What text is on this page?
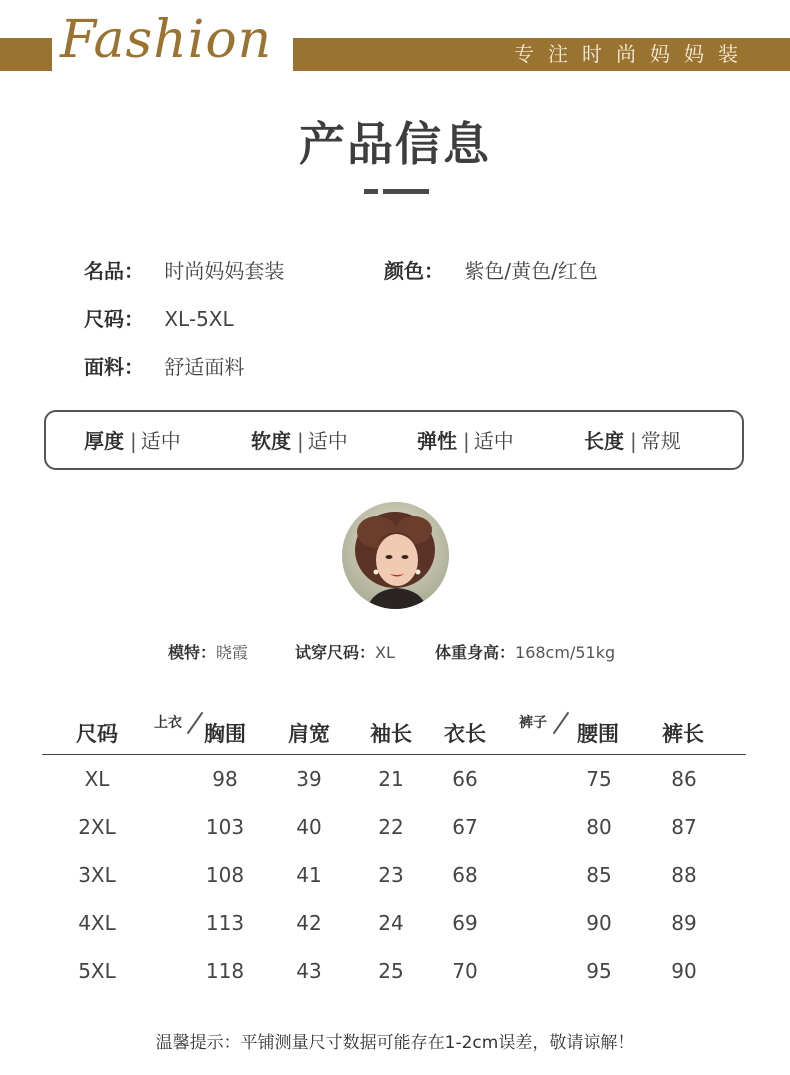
Fashion	专注时尚妈妈装
产品信息
名品： 时尚妈妈套装	颜色： 紫色/黄色/红色
尺码： XL-5XL
面料： 舒适面料
厚度 | 适中	软度 | 适中	弹性 | 适中	长度 | 常规
模特：晓霞	试穿尺码：XL	体重身高：168cm/51kg
尺码	上衣 胸围 肩宽 袖长 衣长 裤子 腰围 裤长
XL	98	39	21	66	75	86
2XL	103	40	22	67	80	87
3XL	108	41	23	68	85	88
4XL	113	42	24	69	90	89
5XL	118	43	25	70	95	90
温馨提示：平铺测量尺寸数据可能存在1-2cm误差，敬请谅解！
